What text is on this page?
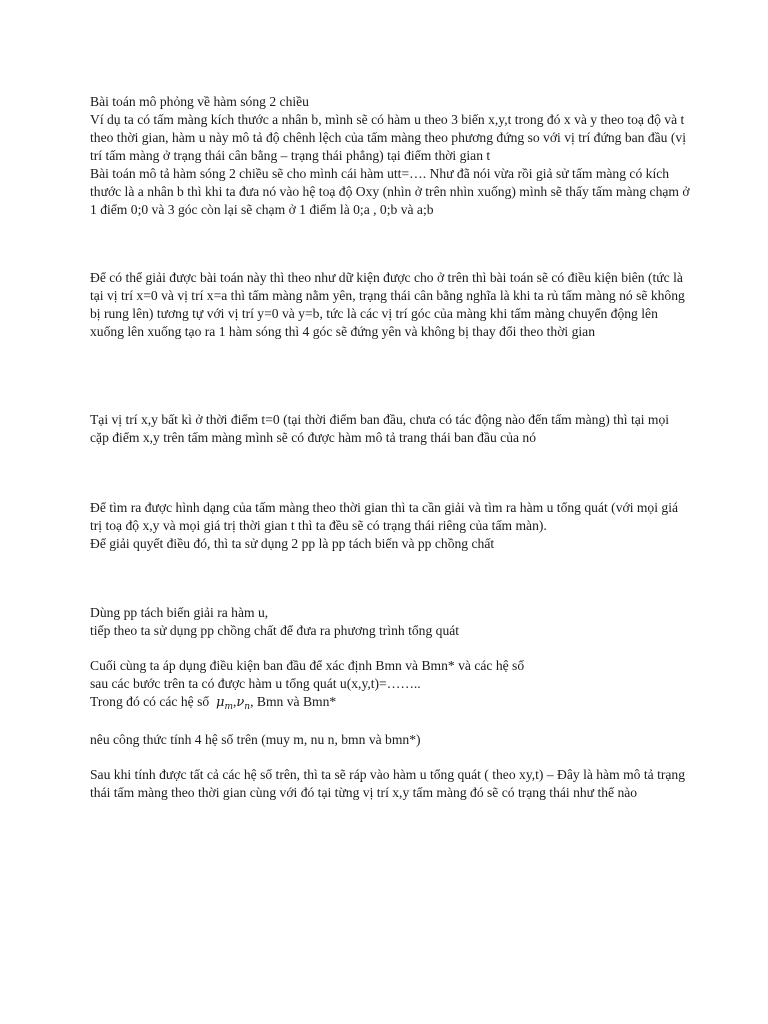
Bài toán mô phỏng về hàm sóng 2 chiều

Ví dụ ta có tấm màng kích thước a nhân b, mình sẽ có hàm u theo 3 biến x,y,t trong đó x và y theo toạ độ và t theo thời gian, hàm u này mô tả độ chênh lệch của tấm màng theo phương đứng so với vị trí đứng ban đầu (vị trí tấm màng ở trạng thái cân bằng – trạng thái phẳng) tại điểm thời gian t

Bài toán mô tả hàm sóng 2 chiều sẽ cho mình cái hàm utt=…. Như đã nói vừa rồi giả sử tấm màng có kích thước là a nhân b thì khi ta đưa nó vào hệ toạ độ Oxy (nhìn ở trên nhìn xuống) mình sẽ thấy tấm màng chạm ở 1 điểm 0;0 và 3 góc còn lại sẽ chạm ở 1 điểm là 0;a , 0;b và a;b

Để có thể giải được bài toán này thì theo như dữ kiện được cho ở trên thì bài toán sẽ có điều kiện biên (tức là tại vị trí x=0 và vị trí x=a thì tấm màng nằm yên, trạng thái cân bằng nghĩa là khi ta rủ tấm màng nó sẽ không bị rung lên) tương tự với vị trí y=0 và y=b, tức là các vị trí góc của màng khi tấm màng chuyển động lên xuống lên xuống tạo ra 1 hàm sóng thì 4 góc sẽ đứng yên và không bị thay đổi theo thời gian

Tại vị trí x,y bất kì ở thời điểm t=0 (tại thời điểm ban đầu, chưa có tác động nào đến tấm màng) thì tại mọi cặp điểm x,y trên tấm màng mình sẽ có được hàm mô tả trang thái ban đầu của nó

Để tìm ra được hình dạng của tấm màng theo thời gian thì ta cần giải và tìm ra hàm u tổng quát (với mọi giá trị toạ độ x,y và mọi giá trị thời gian t thì ta đều sẽ có trạng thái riêng của tấm màn).

Để giải quyết điều đó, thì ta sử dụng 2 pp là pp tách biến và pp chồng chất

Dùng pp tách biến giải ra hàm u,

tiếp theo ta sử dụng pp chồng chất để đưa ra phương trình tổng quát

Cuối cùng ta áp dụng điều kiện ban đầu để xác định Bmn và Bmn* và các hệ số

sau các bước trên ta có được hàm u tổng quát u(x,y,t)=……..

Trong đó có các hệ số $\mu_m,\nu_n$, Bmn và Bmn*

nêu công thức tính 4 hệ số trên (muy m, nu n, bmn và bmn*)

Sau khi tính được tất cả các hệ số trên, thì ta sẽ ráp vào hàm u tổng quát ( theo xy,t) – Đây là hàm mô tả trạng thái tấm màng theo thời gian cùng với đó tại từng vị trí x,y tấm màng đó sẽ có trạng thái như thế nào
